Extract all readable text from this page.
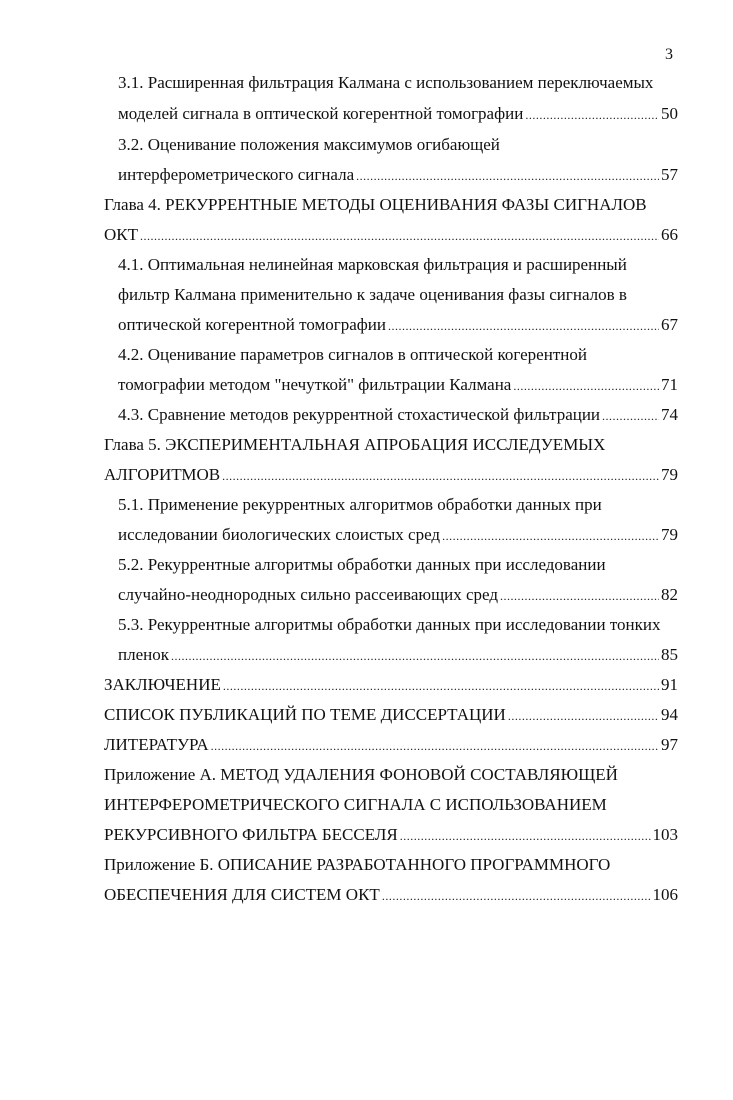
3
3.1. Расширенная фильтрация Калмана с использованием переключаемых
моделей сигнала в оптической когерентной томографии .....	50
3.2. Оценивание положения максимумов огибающей
интерферометрического сигнала .....	57
Глава 4. РЕКУРРЕНТНЫЕ МЕТОДЫ ОЦЕНИВАНИЯ ФАЗЫ СИГНАЛОВ
ОКТ .....	66
4.1. Оптимальная нелинейная марковская фильтрация и расширенный
фильтр Калмана применительно к задаче оценивания фазы сигналов в
оптической когерентной томографии .....	67
4.2. Оценивание параметров сигналов в оптической когерентной
томографии методом "нечуткой" фильтрации Калмана .....	71
4.3. Сравнение методов рекуррентной стохастической фильтрации .....	74
Глава 5. ЭКСПЕРИМЕНТАЛЬНАЯ АПРОБАЦИЯ ИССЛЕДУЕМЫХ
АЛГОРИТМОВ .....	79
5.1. Применение рекуррентных алгоритмов обработки данных при
исследовании биологических слоистых сред .....	79
5.2. Рекуррентные алгоритмы обработки данных при исследовании
случайно-неоднородных сильно рассеивающих сред .....	82
5.3. Рекуррентные алгоритмы обработки данных при исследовании тонких
пленок .....	85
ЗАКЛЮЧЕНИЕ .....	91
СПИСОК ПУБЛИКАЦИЙ ПО ТЕМЕ ДИССЕРТАЦИИ .....	94
ЛИТЕРАТУРА .....	97
Приложение А. МЕТОД УДАЛЕНИЯ ФОНОВОЙ СОСТАВЛЯЮЩЕЙ
ИНТЕРФЕРОМЕТРИЧЕСКОГО СИГНАЛА С ИСПОЛЬЗОВАНИЕМ
РЕКУРСИВНОГО ФИЛЬТРА БЕССЕЛЯ .....	103
Приложение Б. ОПИСАНИЕ РАЗРАБОТАННОГО ПРОГРАММНОГО
ОБЕСПЕЧЕНИЯ ДЛЯ СИСТЕМ ОКТ .....	106
